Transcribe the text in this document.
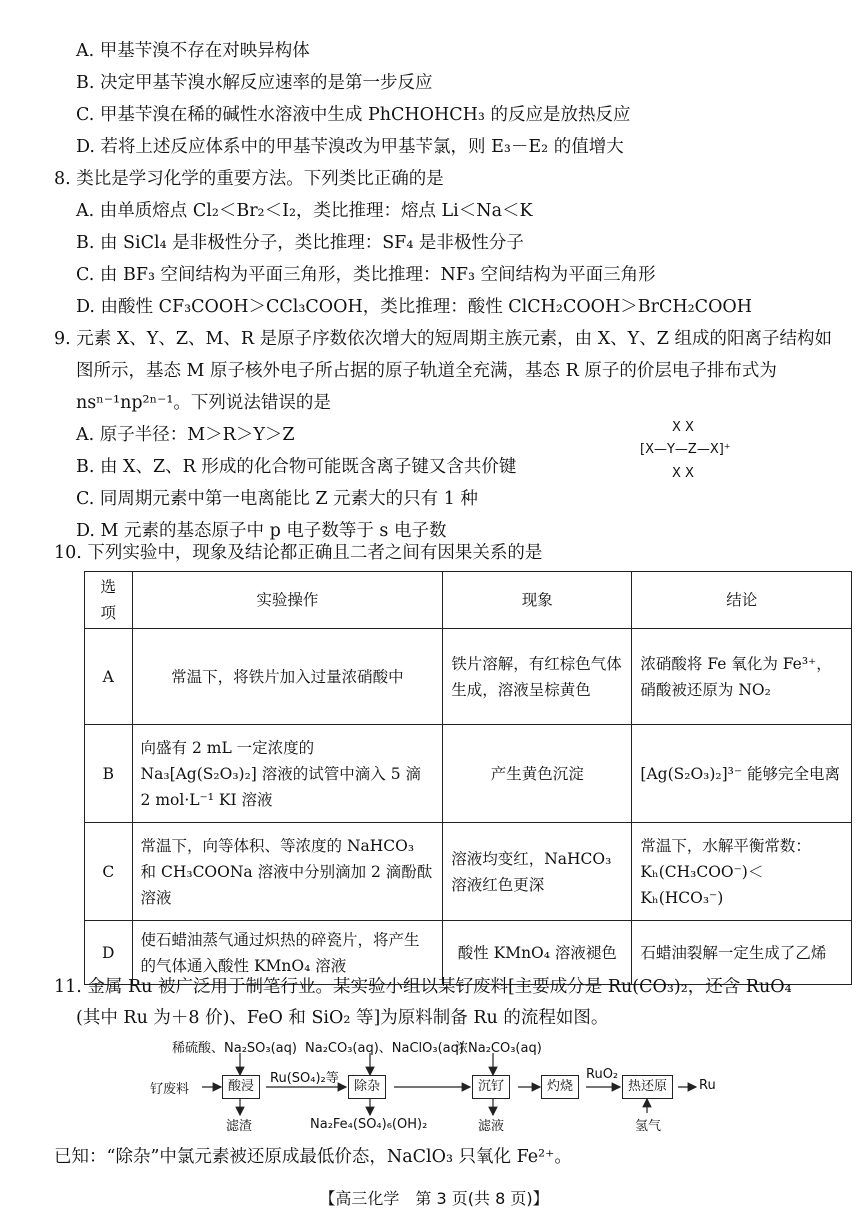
A. 甲基苄溴不存在对映异构体
B. 决定甲基苄溴水解反应速率的是第一步反应
C. 甲基苄溴在稀的碱性水溶液中生成 PhCHOHCH₃ 的反应是放热反应
D. 若将上述反应体系中的甲基苄溴改为甲基苄氯，则 E₃－E₂ 的值增大
8. 类比是学习化学的重要方法。下列类比正确的是
A. 由单质熔点 Cl₂＜Br₂＜I₂，类比推理：熔点 Li＜Na＜K
B. 由 SiCl₄ 是非极性分子，类比推理：SF₄ 是非极性分子
C. 由 BF₃ 空间结构为平面三角形，类比推理：NF₃ 空间结构为平面三角形
D. 由酸性 CF₃COOH＞CCl₃COOH，类比推理：酸性 ClCH₂COOH＞BrCH₂COOH
9. 元素 X、Y、Z、M、R 是原子序数依次增大的短周期主族元素，由 X、Y、Z 组成的阳离子结构如
图所示，基态 M 原子核外电子所占据的原子轨道全充满，基态 R 原子的价层电子排布式为
nsⁿ⁻¹np²ⁿ⁻¹。下列说法错误的是
A. 原子半径：M＞R＞Y＞Z
B. 由 X、Z、R 形成的化合物可能既含离子键又含共价键
C. 同周期元素中第一电离能比 Z 元素大的只有 1 种
D. M 元素的基态原子中 p 电子数等于 s 电子数
X X
[X—Y—Z—X]⁺
X X
10. 下列实验中，现象及结论都正确且二者之间有因果关系的是
选项	实验操作	现象	结论
A	常温下，将铁片加入过量浓硝酸中	铁片溶解，有红棕色气体生成，溶液呈棕黄色	浓硝酸将 Fe 氧化为 Fe³⁺，硝酸被还原为 NO₂
B	向盛有 2 mL 一定浓度的 Na₃[Ag(S₂O₃)₂] 溶液的试管中滴入 5 滴 2 mol·L⁻¹ KI 溶液	产生黄色沉淀	[Ag(S₂O₃)₂]³⁻ 能够完全电离
C	常温下，向等体积、等浓度的 NaHCO₃ 和 CH₃COONa 溶液中分别滴加 2 滴酚酞溶液	溶液均变红，NaHCO₃ 溶液红色更深	常温下，水解平衡常数：Kₕ(CH₃COO⁻)＜Kₕ(HCO₃⁻)
D	使石蜡油蒸气通过炽热的碎瓷片，将产生的气体通入酸性 KMnO₄ 溶液	酸性 KMnO₄ 溶液褪色	石蜡油裂解一定生成了乙烯
11. 金属 Ru 被广泛用于制笔行业。某实验小组以某钌废料[主要成分是 Ru(CO₃)₂，还含 RuO₄
(其中 Ru 为＋8 价)、FeO 和 SiO₂ 等]为原料制备 Ru 的流程如图。
钌废料
稀硫酸、Na₂SO₃(aq)
酸浸
滤渣
Ru(SO₄)₂等
Na₂CO₃(aq)、NaClO₃(aq)
除杂
Na₂Fe₄(SO₄)₆(OH)₂
浓Na₂CO₃(aq)
沉钌
滤液
灼烧
RuO₂
热还原
氢气
Ru
已知：“除杂”中氯元素被还原成最低价态，NaClO₃ 只氧化 Fe²⁺。
【高三化学　第 3 页(共 8 页)】
